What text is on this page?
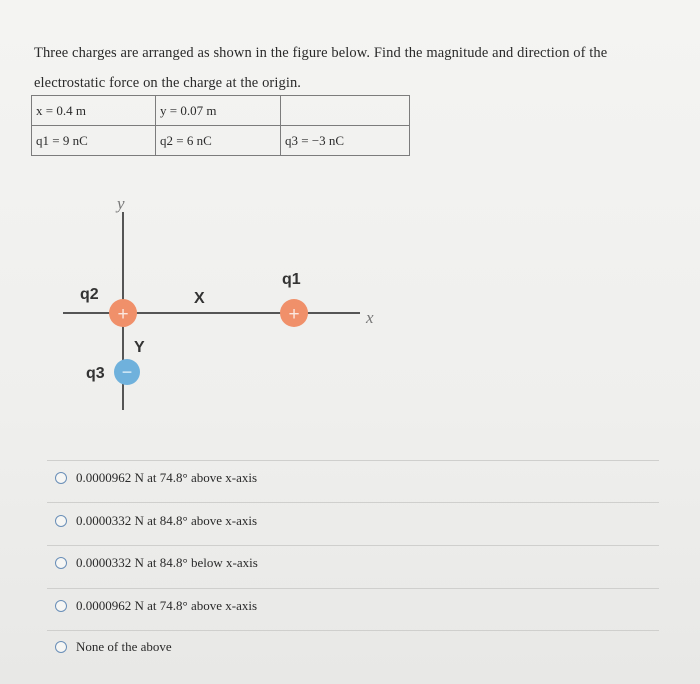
Three charges are arranged as shown in the figure below. Find the magnitude and direction of the
electrostatic force on the charge at the origin.
x = 0.4 m	y = 0.07 m	
q1 = 9 nC	q2 = 6 nC	q3 = −3 nC
y
x
X
Y
q2
+
q1
+
q3 −
0.0000962 N at 74.8° above x-axis
0.0000332 N at 84.8° above x-axis
0.0000332 N at 84.8° below x-axis
0.0000962 N at 74.8° above x-axis
None of the above
